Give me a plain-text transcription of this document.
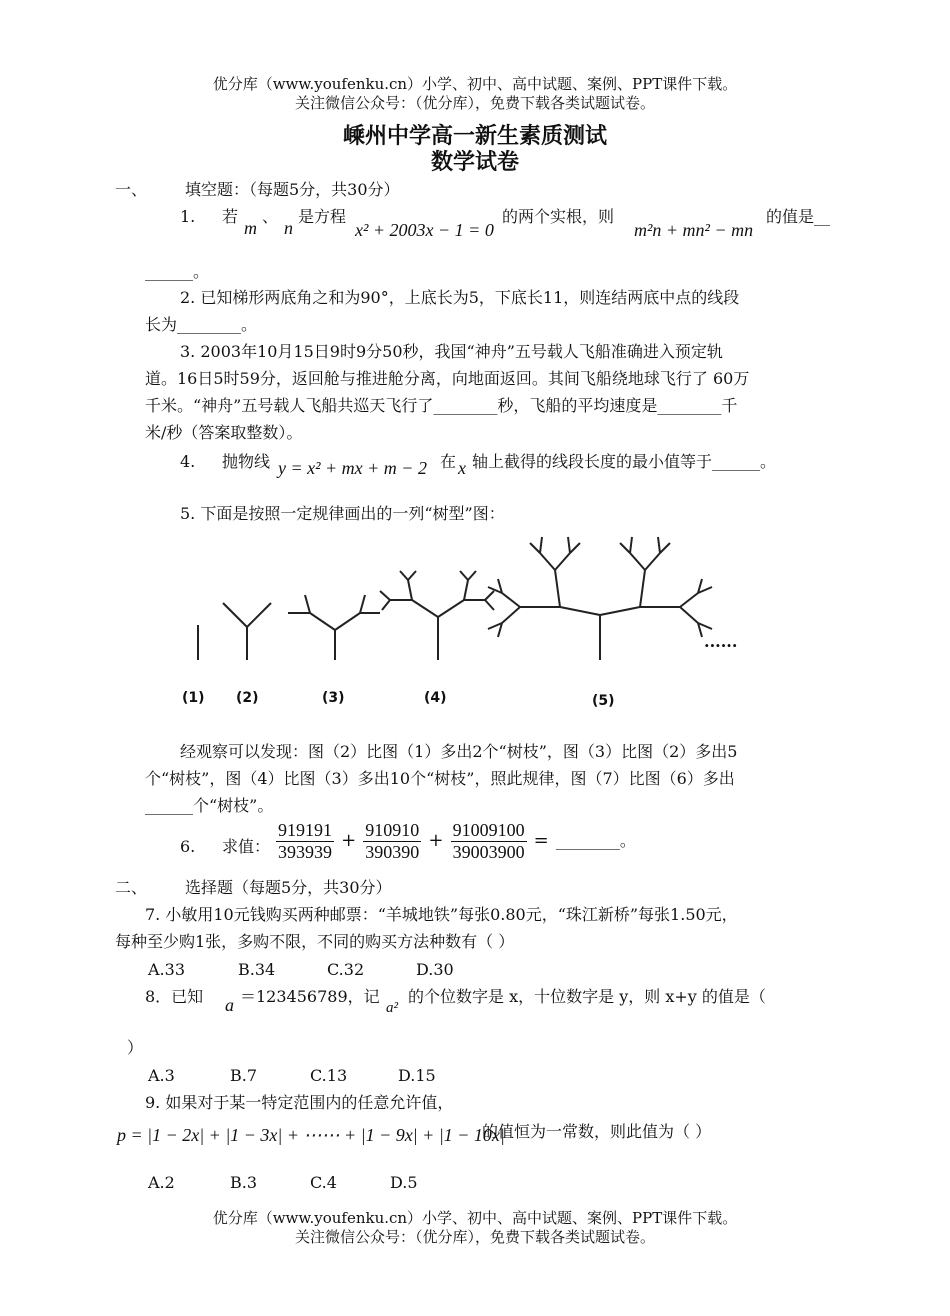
优分库（www.youfenku.cn）小学、初中、高中试题、案例、PPT课件下载。
关注微信公众号：（优分库），免费下载各类试题试卷。
嵊州中学高一新生素质测试
数学试卷
一、 填空题：（每题5分，共30分）
1. 若
m
、
n
是方程
x² + 2003x − 1 = 0
的两个实根，则
m²n + mn² − mn
的值是__
______。
2. 已知梯形两底角之和为90°，上底长为5，下底长11，则连结两底中点的线段
长为________。
3. 2003年10月15日9时9分50秒，我国“神舟”五号载人飞船准确进入预定轨
道。16日5时59分，返回舱与推进舱分离，向地面返回。其间飞船绕地球飞行了 60万
千米。“神舟”五号载人飞船共巡天飞行了________秒，飞船的平均速度是________千
米/秒（答案取整数）。
4. 抛物线 y = x² + mx + m − 2 在 x 轴上截得的线段长度的最小值等于______。
5. 下面是按照一定规律画出的一列“树型”图：
(1) (2)	(3)	(4)	(5)
......
经观察可以发现：图（2）比图（1）多出2个“树枝”，图（3）比图（2）多出5
个“树枝”，图（4）比图（3）多出10个“树枝”，照此规律，图（7）比图（6）多出
______个“树枝”。
6. 求值： $\frac{919191}{393939} + \frac{910910}{390390} + \frac{91009100}{39003900}$ = ________。
二、 选择题（每题5分，共30分）
7. 小敏用10元钱购买两种邮票：“羊城地铁”每张0.80元，“珠江新桥”每张1.50元，
每种至少购1张，多购不限，不同的购买方法种数有（ ）
A.33	B.34	C.32	D.30
8．已知 a ＝123456789，记
a²
的个位数字是 x，十位数字是 y，则 x+y 的值是（
）
A.3	B.7	C.13	D.15
9. 如果对于某一特定范围内的任意允许值，
p = |1 − 2x| + |1 − 3x| + ⋯⋯ + |1 − 9x| + |1 − 10x|
的值恒为一常数，则此值为（ ）
A.2	B.3	C.4	D.5
优分库（www.youfenku.cn）小学、初中、高中试题、案例、PPT课件下载。
关注微信公众号：（优分库），免费下载各类试题试卷。
